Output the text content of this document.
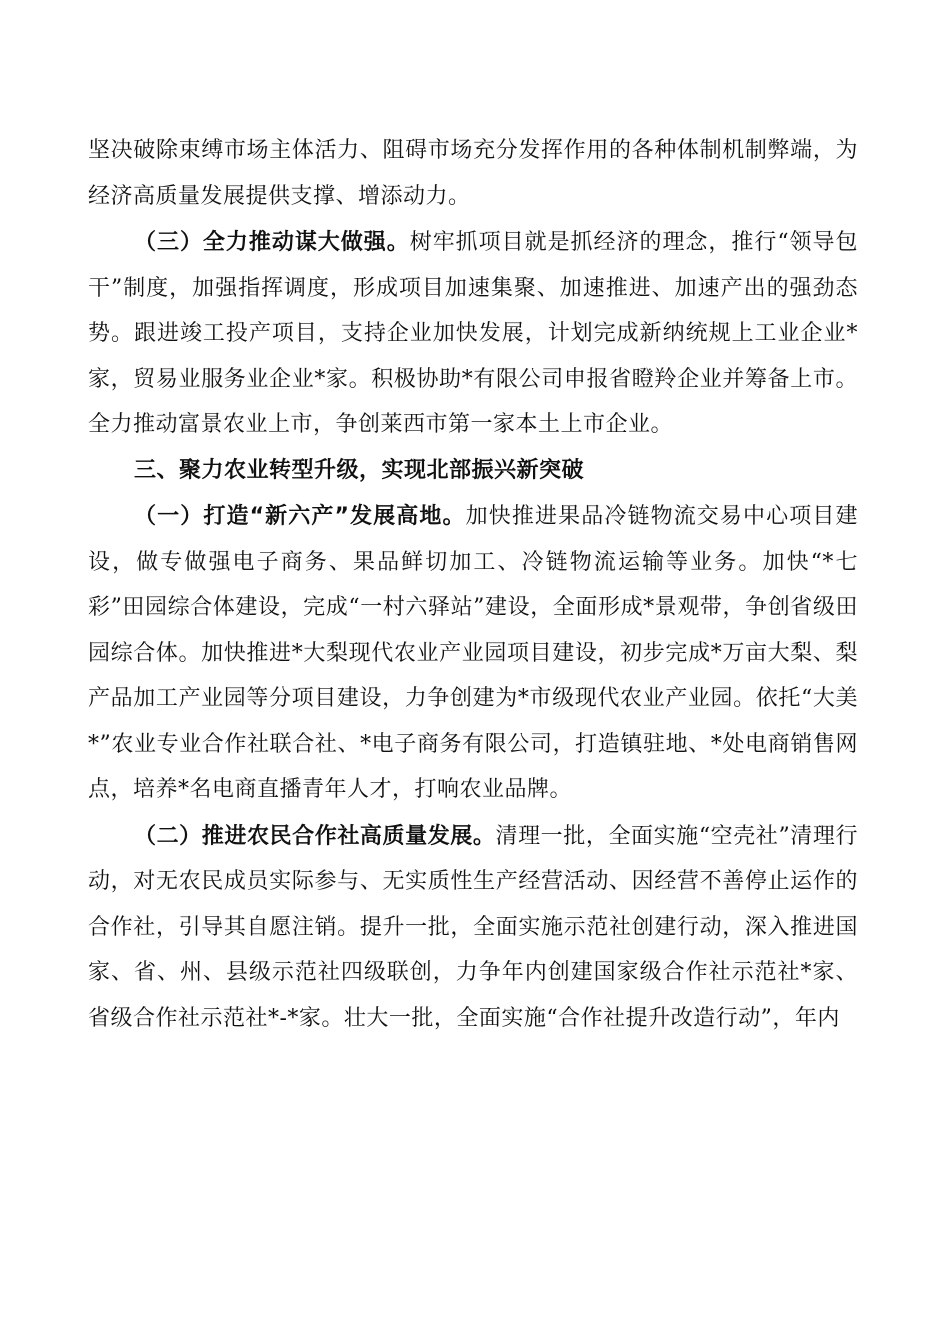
坚决破除束缚市场主体活力、阻碍市场充分发挥作用的各种体制机制弊端，为经济高质量发展提供支撑、增添动力。

（三）全力推动谋大做强。树牢抓项目就是抓经济的理念，推行“领导包干”制度，加强指挥调度，形成项目加速集聚、加速推进、加速产出的强劲态势。跟进竣工投产项目，支持企业加快发展，计划完成新纳统规上工业企业*家，贸易业服务业企业*家。积极协助*有限公司申报省瞪羚企业并筹备上市。全力推动富景农业上市，争创莱西市第一家本土上市企业。

三、聚力农业转型升级，实现北部振兴新突破

（一）打造“新六产”发展高地。加快推进果品冷链物流交易中心项目建设，做专做强电子商务、果品鲜切加工、冷链物流运输等业务。加快“*七彩”田园综合体建设，完成“一村六驿站”建设，全面形成*景观带，争创省级田园综合体。加快推进*大梨现代农业产业园项目建设，初步完成*万亩大梨、梨产品加工产业园等分项目建设，力争创建为*市级现代农业产业园。依托“大美*”农业专业合作社联合社、*电子商务有限公司，打造镇驻地、*处电商销售网点，培养*名电商直播青年人才，打响农业品牌。

（二）推进农民合作社高质量发展。清理一批，全面实施“空壳社”清理行动，对无农民成员实际参与、无实质性生产经营活动、因经营不善停止运作的合作社，引导其自愿注销。提升一批，全面实施示范社创建行动，深入推进国家、省、州、县级示范社四级联创，力争年内创建国家级合作社示范社*家、省级合作社示范社*-*家。壮大一批，全面实施“合作社提升改造行动”，年内
